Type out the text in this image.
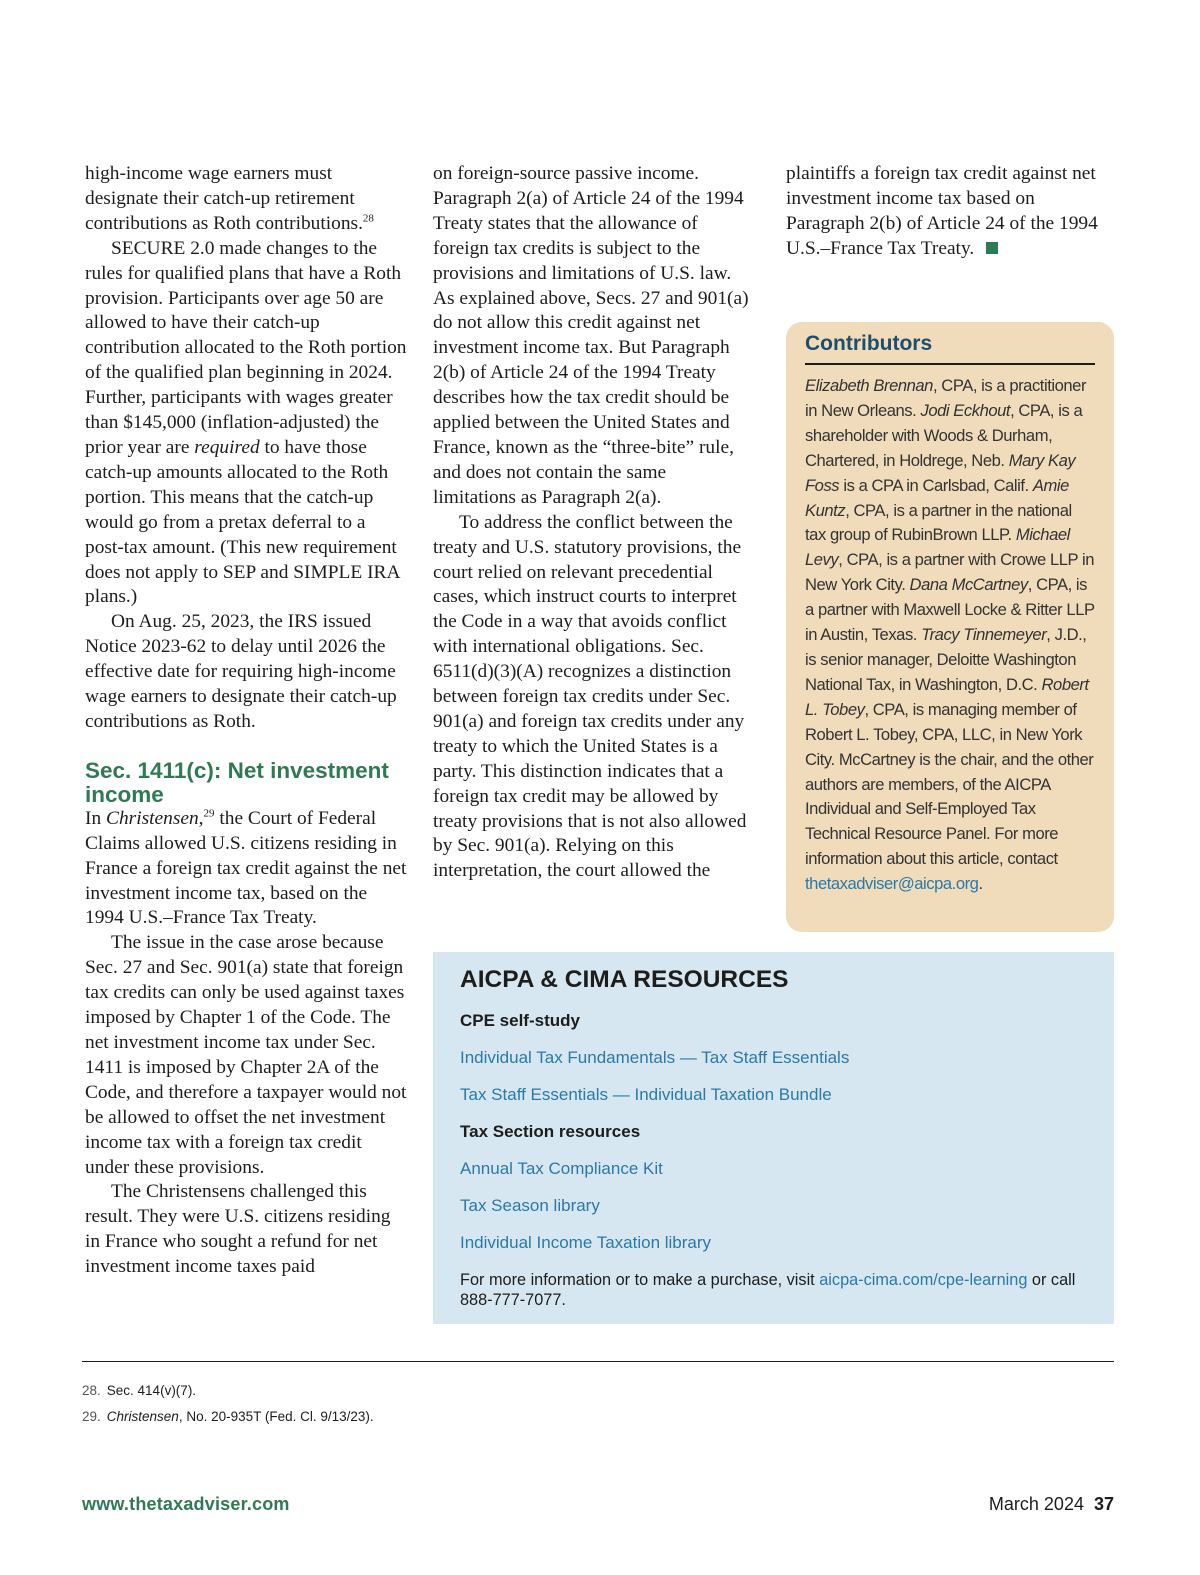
high-income wage earners must designate their catch-up retirement contributions as Roth contributions.$^{28}$

SECURE 2.0 made changes to the rules for qualified plans that have a Roth provision. Participants over age 50 are allowed to have their catch-up contribution allocated to the Roth portion of the qualified plan beginning in 2024. Further, participants with wages greater than $145,000 (inflation-adjusted) the prior year are required to have those catch-up amounts allocated to the Roth portion. This means that the catch-up would go from a pretax deferral to a post-tax amount. (This new requirement does not apply to SEP and SIMPLE IRA plans.)

On Aug. 25, 2023, the IRS issued Notice 2023-62 to delay until 2026 the effective date for requiring high-income wage earners to designate their catch-up contributions as Roth.

Sec. 1411(c): Net investment income

In Christensen,$^{29}$ the Court of Federal Claims allowed U.S. citizens residing in France a foreign tax credit against the net investment income tax, based on the 1994 U.S.–France Tax Treaty.

The issue in the case arose because Sec. 27 and Sec. 901(a) state that foreign tax credits can only be used against taxes imposed by Chapter 1 of the Code. The net investment income tax under Sec. 1411 is imposed by Chapter 2A of the Code, and therefore a taxpayer would not be allowed to offset the net investment income tax with a foreign tax credit under these provisions.

The Christensens challenged this result. They were U.S. citizens residing in France who sought a refund for net investment income taxes paid

on foreign-source passive income. Paragraph 2(a) of Article 24 of the 1994 Treaty states that the allowance of foreign tax credits is subject to the provisions and limitations of U.S. law. As explained above, Secs. 27 and 901(a) do not allow this credit against net investment income tax. But Paragraph 2(b) of Article 24 of the 1994 Treaty describes how the tax credit should be applied between the United States and France, known as the “three-bite” rule, and does not contain the same limitations as Paragraph 2(a).

To address the conflict between the treaty and U.S. statutory provisions, the court relied on relevant precedential cases, which instruct courts to interpret the Code in a way that avoids conflict with international obligations. Sec. 6511(d)(3)(A) recognizes a distinction between foreign tax credits under Sec. 901(a) and foreign tax credits under any treaty to which the United States is a party. This distinction indicates that a foreign tax credit may be allowed by treaty provisions that is not also allowed by Sec. 901(a). Relying on this interpretation, the court allowed the

plaintiffs a foreign tax credit against net investment income tax based on Paragraph 2(b) of Article 24 of the 1994 U.S.–France Tax Treaty.

Contributors
Elizabeth Brennan, CPA, is a practitioner in New Orleans. Jodi Eckhout, CPA, is a shareholder with Woods & Durham, Chartered, in Holdrege, Neb. Mary Kay Foss is a CPA in Carlsbad, Calif. Amie Kuntz, CPA, is a partner in the national tax group of RubinBrown LLP. Michael Levy, CPA, is a partner with Crowe LLP in New York City. Dana McCartney, CPA, is a partner with Maxwell Locke & Ritter LLP in Austin, Texas. Tracy Tinnemeyer, J.D., is senior manager, Deloitte Washington National Tax, in Washington, D.C. Robert L. Tobey, CPA, is managing member of Robert L. Tobey, CPA, LLC, in New York City. McCartney is the chair, and the other authors are members, of the AICPA Individual and Self-Employed Tax Technical Resource Panel. For more information about this article, contact thetaxadviser@aicpa.org.
AICPA & CIMA RESOURCES

CPE self-study

Individual Tax Fundamentals — Tax Staff Essentials
Tax Staff Essentials — Individual Taxation Bundle

Tax Section resources

Annual Tax Compliance Kit
Tax Season library
Individual Income Taxation library

For more information or to make a purchase, visit aicpa-cima.com/cpe-learning or call 888-777-7077.

28. Sec. 414(v)(7).
29. Christensen, No. 20-935T (Fed. Cl. 9/13/23).
www.thetaxadviser.com	March 2024 37
